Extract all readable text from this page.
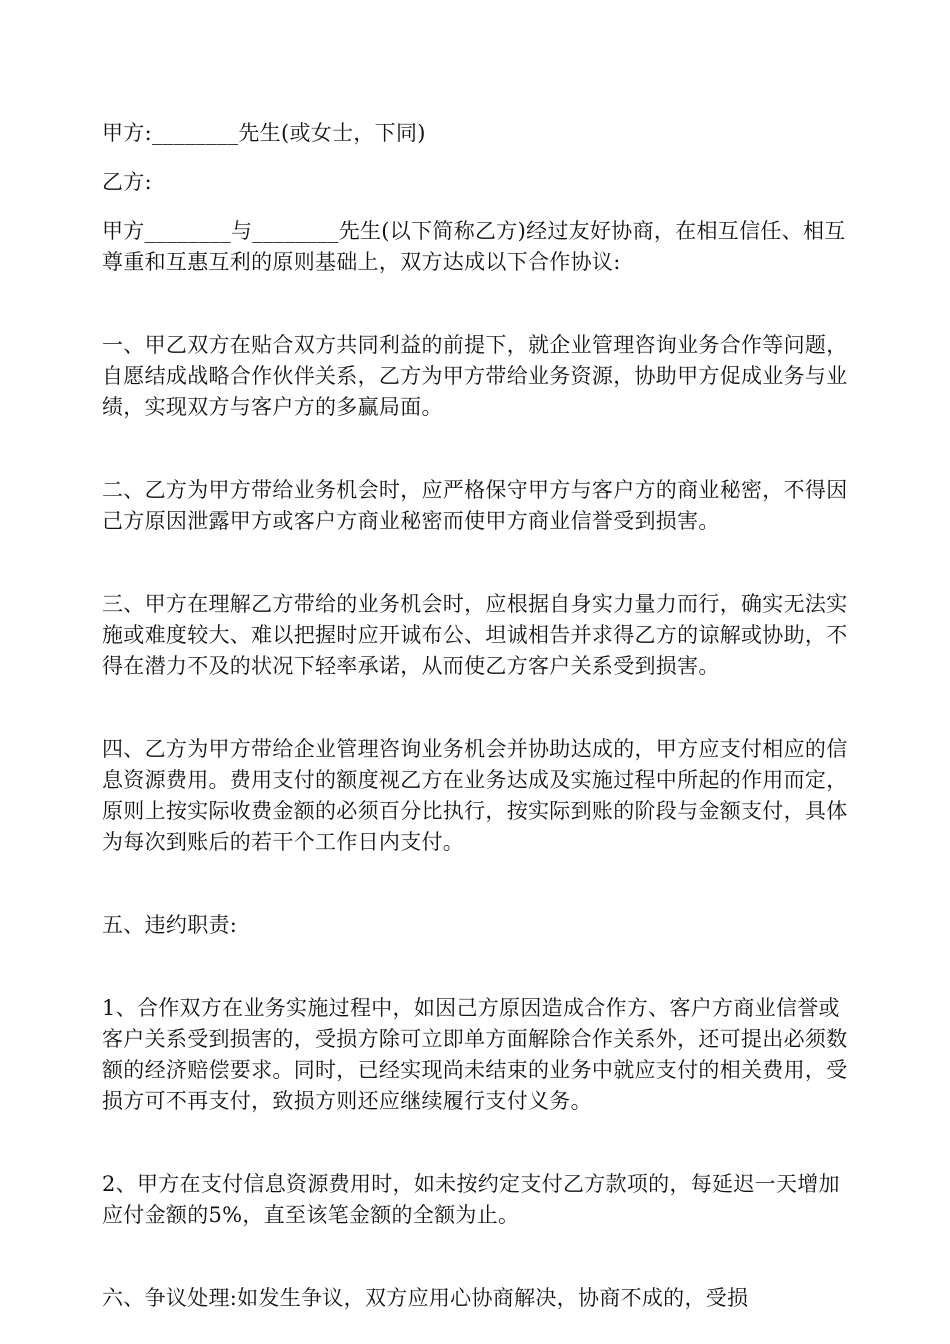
甲方:________先生(或女士，下同)

乙方:

甲方________与________先生(以下简称乙方)经过友好协商，在相互信任、相互尊重和互惠互利的原则基础上，双方达成以下合作协议:

一、甲乙双方在贴合双方共同利益的前提下，就企业管理咨询业务合作等问题，自愿结成战略合作伙伴关系，乙方为甲方带给业务资源，协助甲方促成业务与业绩，实现双方与客户方的多赢局面。

二、乙方为甲方带给业务机会时，应严格保守甲方与客户方的商业秘密，不得因己方原因泄露甲方或客户方商业秘密而使甲方商业信誉受到损害。

三、甲方在理解乙方带给的业务机会时，应根据自身实力量力而行，确实无法实施或难度较大、难以把握时应开诚布公、坦诚相告并求得乙方的谅解或协助，不得在潜力不及的状况下轻率承诺，从而使乙方客户关系受到损害。

四、乙方为甲方带给企业管理咨询业务机会并协助达成的，甲方应支付相应的信息资源费用。费用支付的额度视乙方在业务达成及实施过程中所起的作用而定，原则上按实际收费金额的必须百分比执行，按实际到账的阶段与金额支付，具体为每次到账后的若干个工作日内支付。

五、违约职责:

1、合作双方在业务实施过程中，如因己方原因造成合作方、客户方商业信誉或客户关系受到损害的，受损方除可立即单方面解除合作关系外，还可提出必须数额的经济赔偿要求。同时，已经实现尚未结束的业务中就应支付的相关费用，受损方可不再支付，致损方则还应继续履行支付义务。

2、甲方在支付信息资源费用时，如未按约定支付乙方款项的，每延迟一天增加应付金额的5%，直至该笔金额的全额为止。

六、争议处理:如发生争议，双方应用心协商解决，协商不成的，受损
